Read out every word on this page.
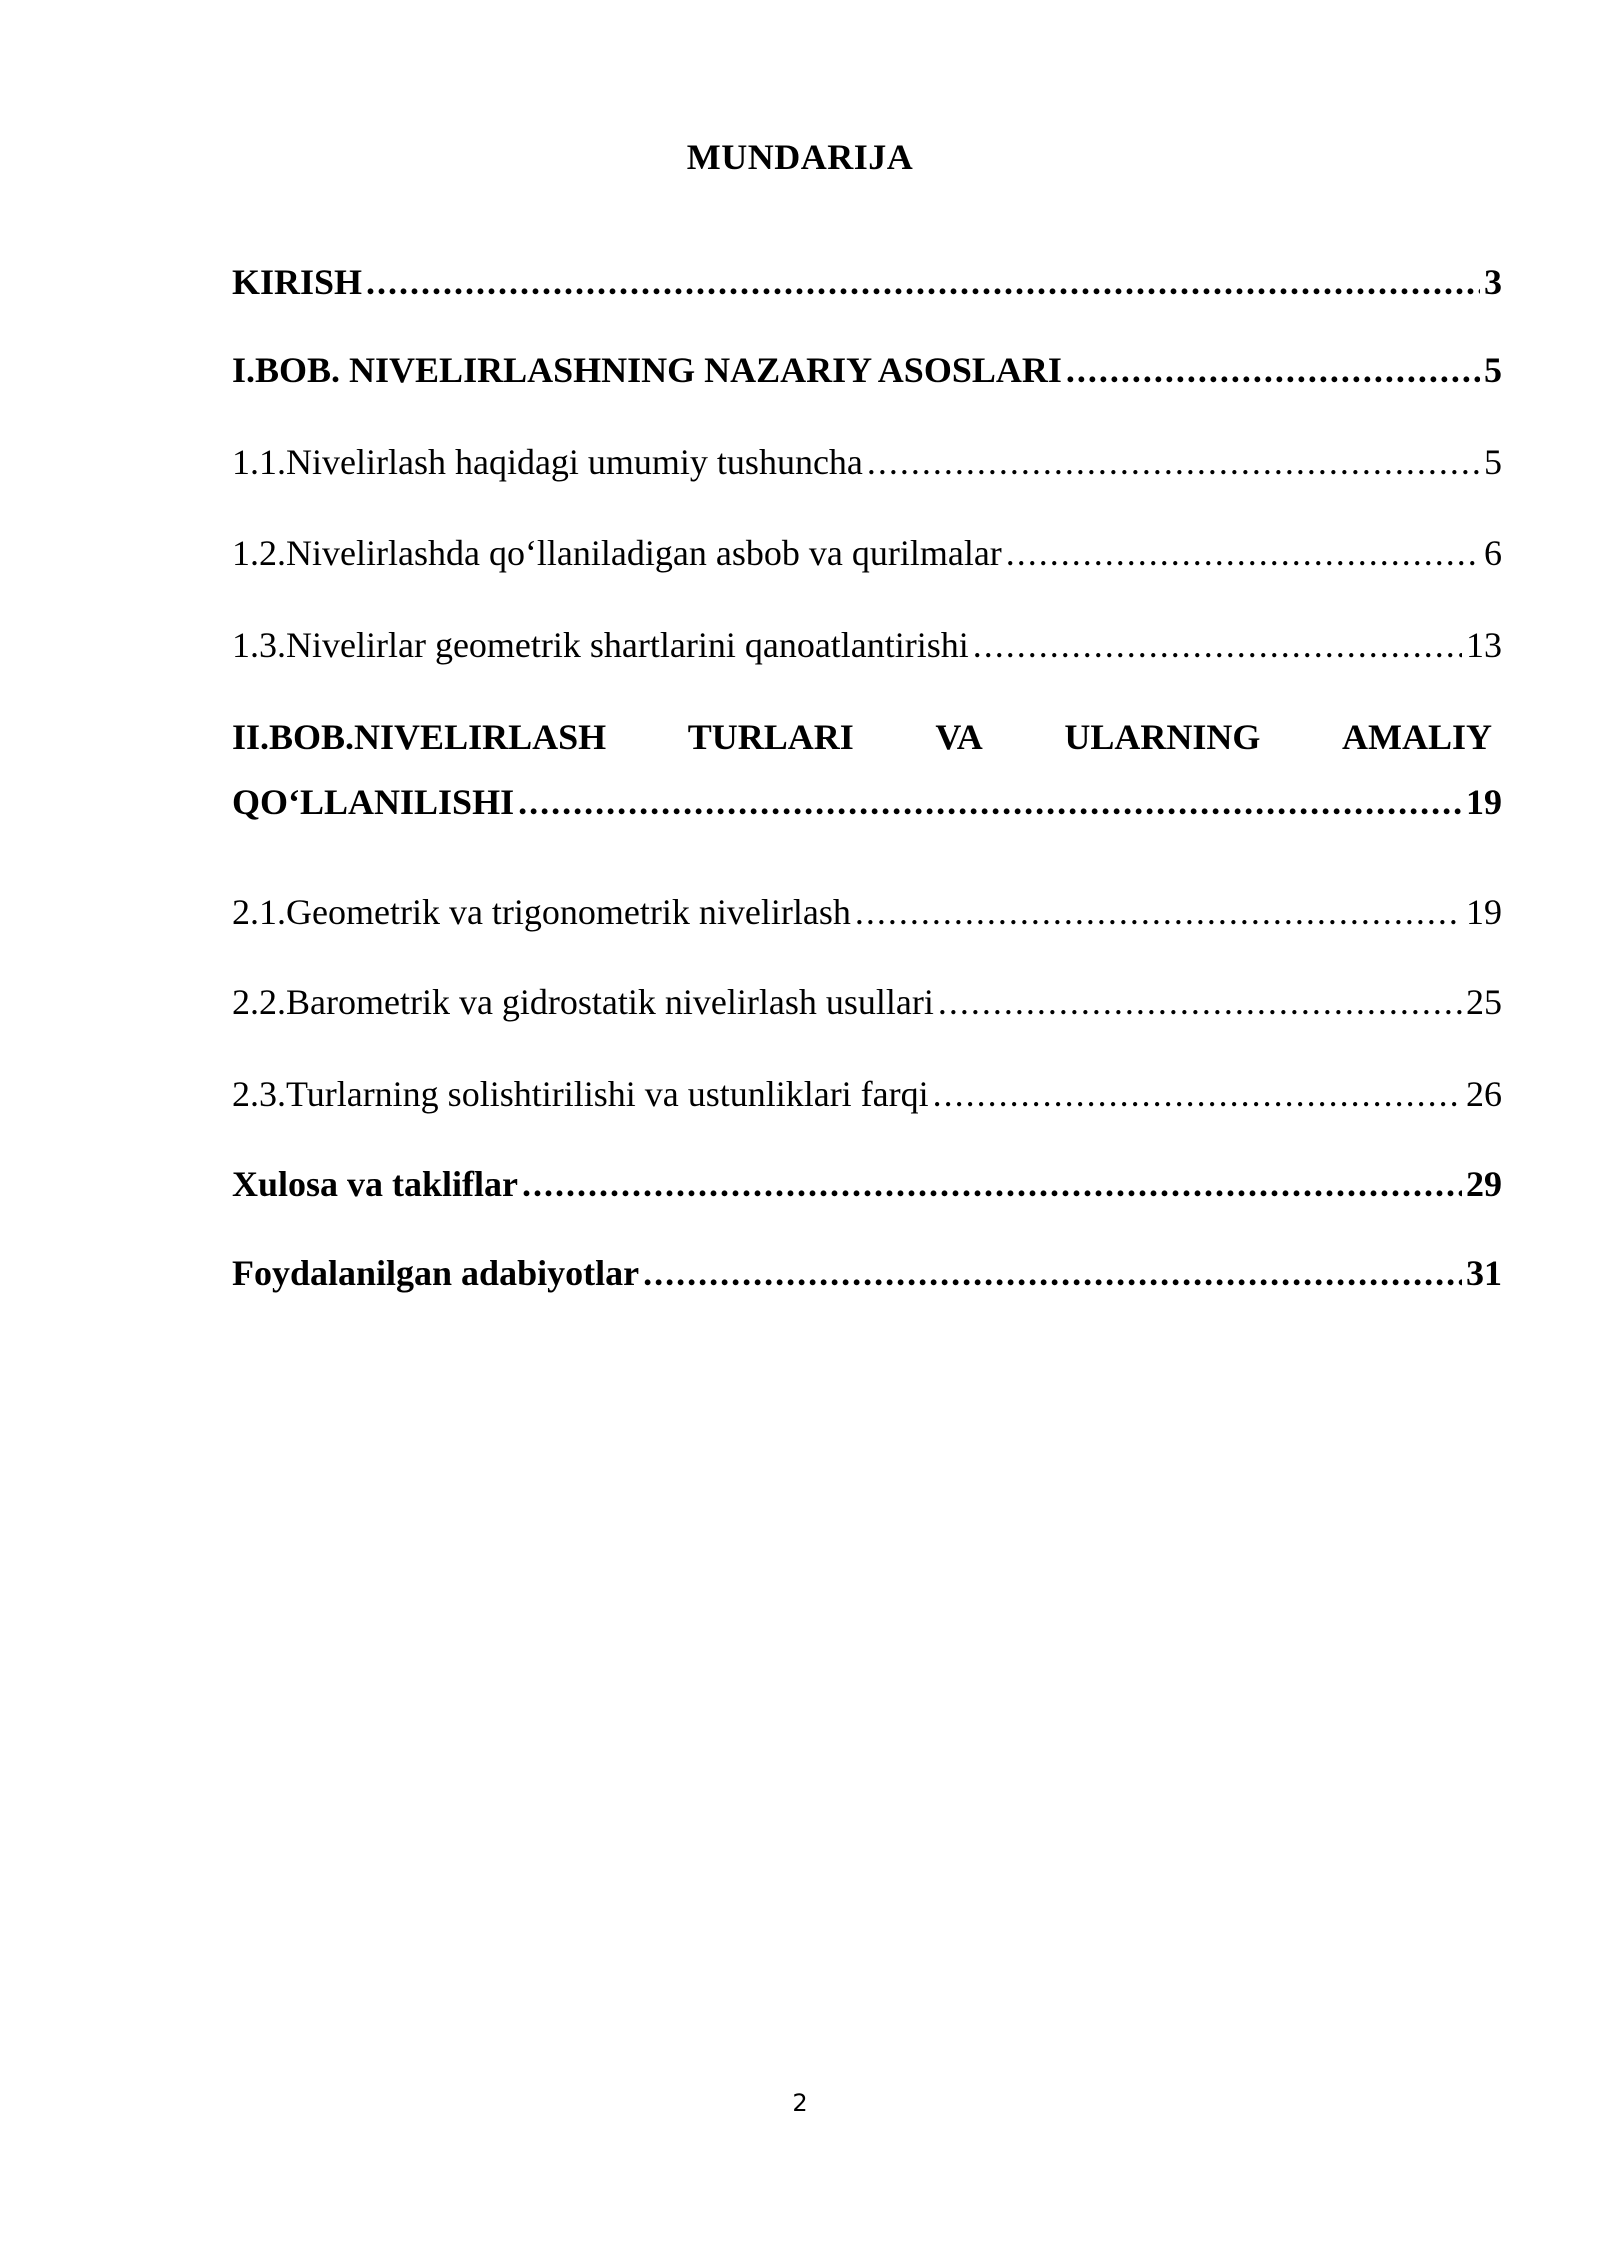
MUNDARIJA
KIRISH .....	3
I.BOB. NIVELIRLASHNING NAZARIY ASOSLARI .....	5
1.1.Nivelirlash haqidagi umumiy tushuncha .....	5
1.2.Nivelirlashda qo‘llaniladigan asbob va qurilmalar .....	6
1.3.Nivelirlar geometrik shartlarini qanoatlantirishi .....	13
II.BOB.NIVELIRLASH TURLARI VA ULARNING AMALIY
QO‘LLANILISHI .....	19
2.1.Geometrik va trigonometrik nivelirlash .....	19
2.2.Barometrik va gidrostatik nivelirlash usullari .....	25
2.3.Turlarning solishtirilishi va ustunliklari farqi .....	26
Xulosa va takliflar .....	29
Foydalanilgan adabiyotlar .....	31
2
